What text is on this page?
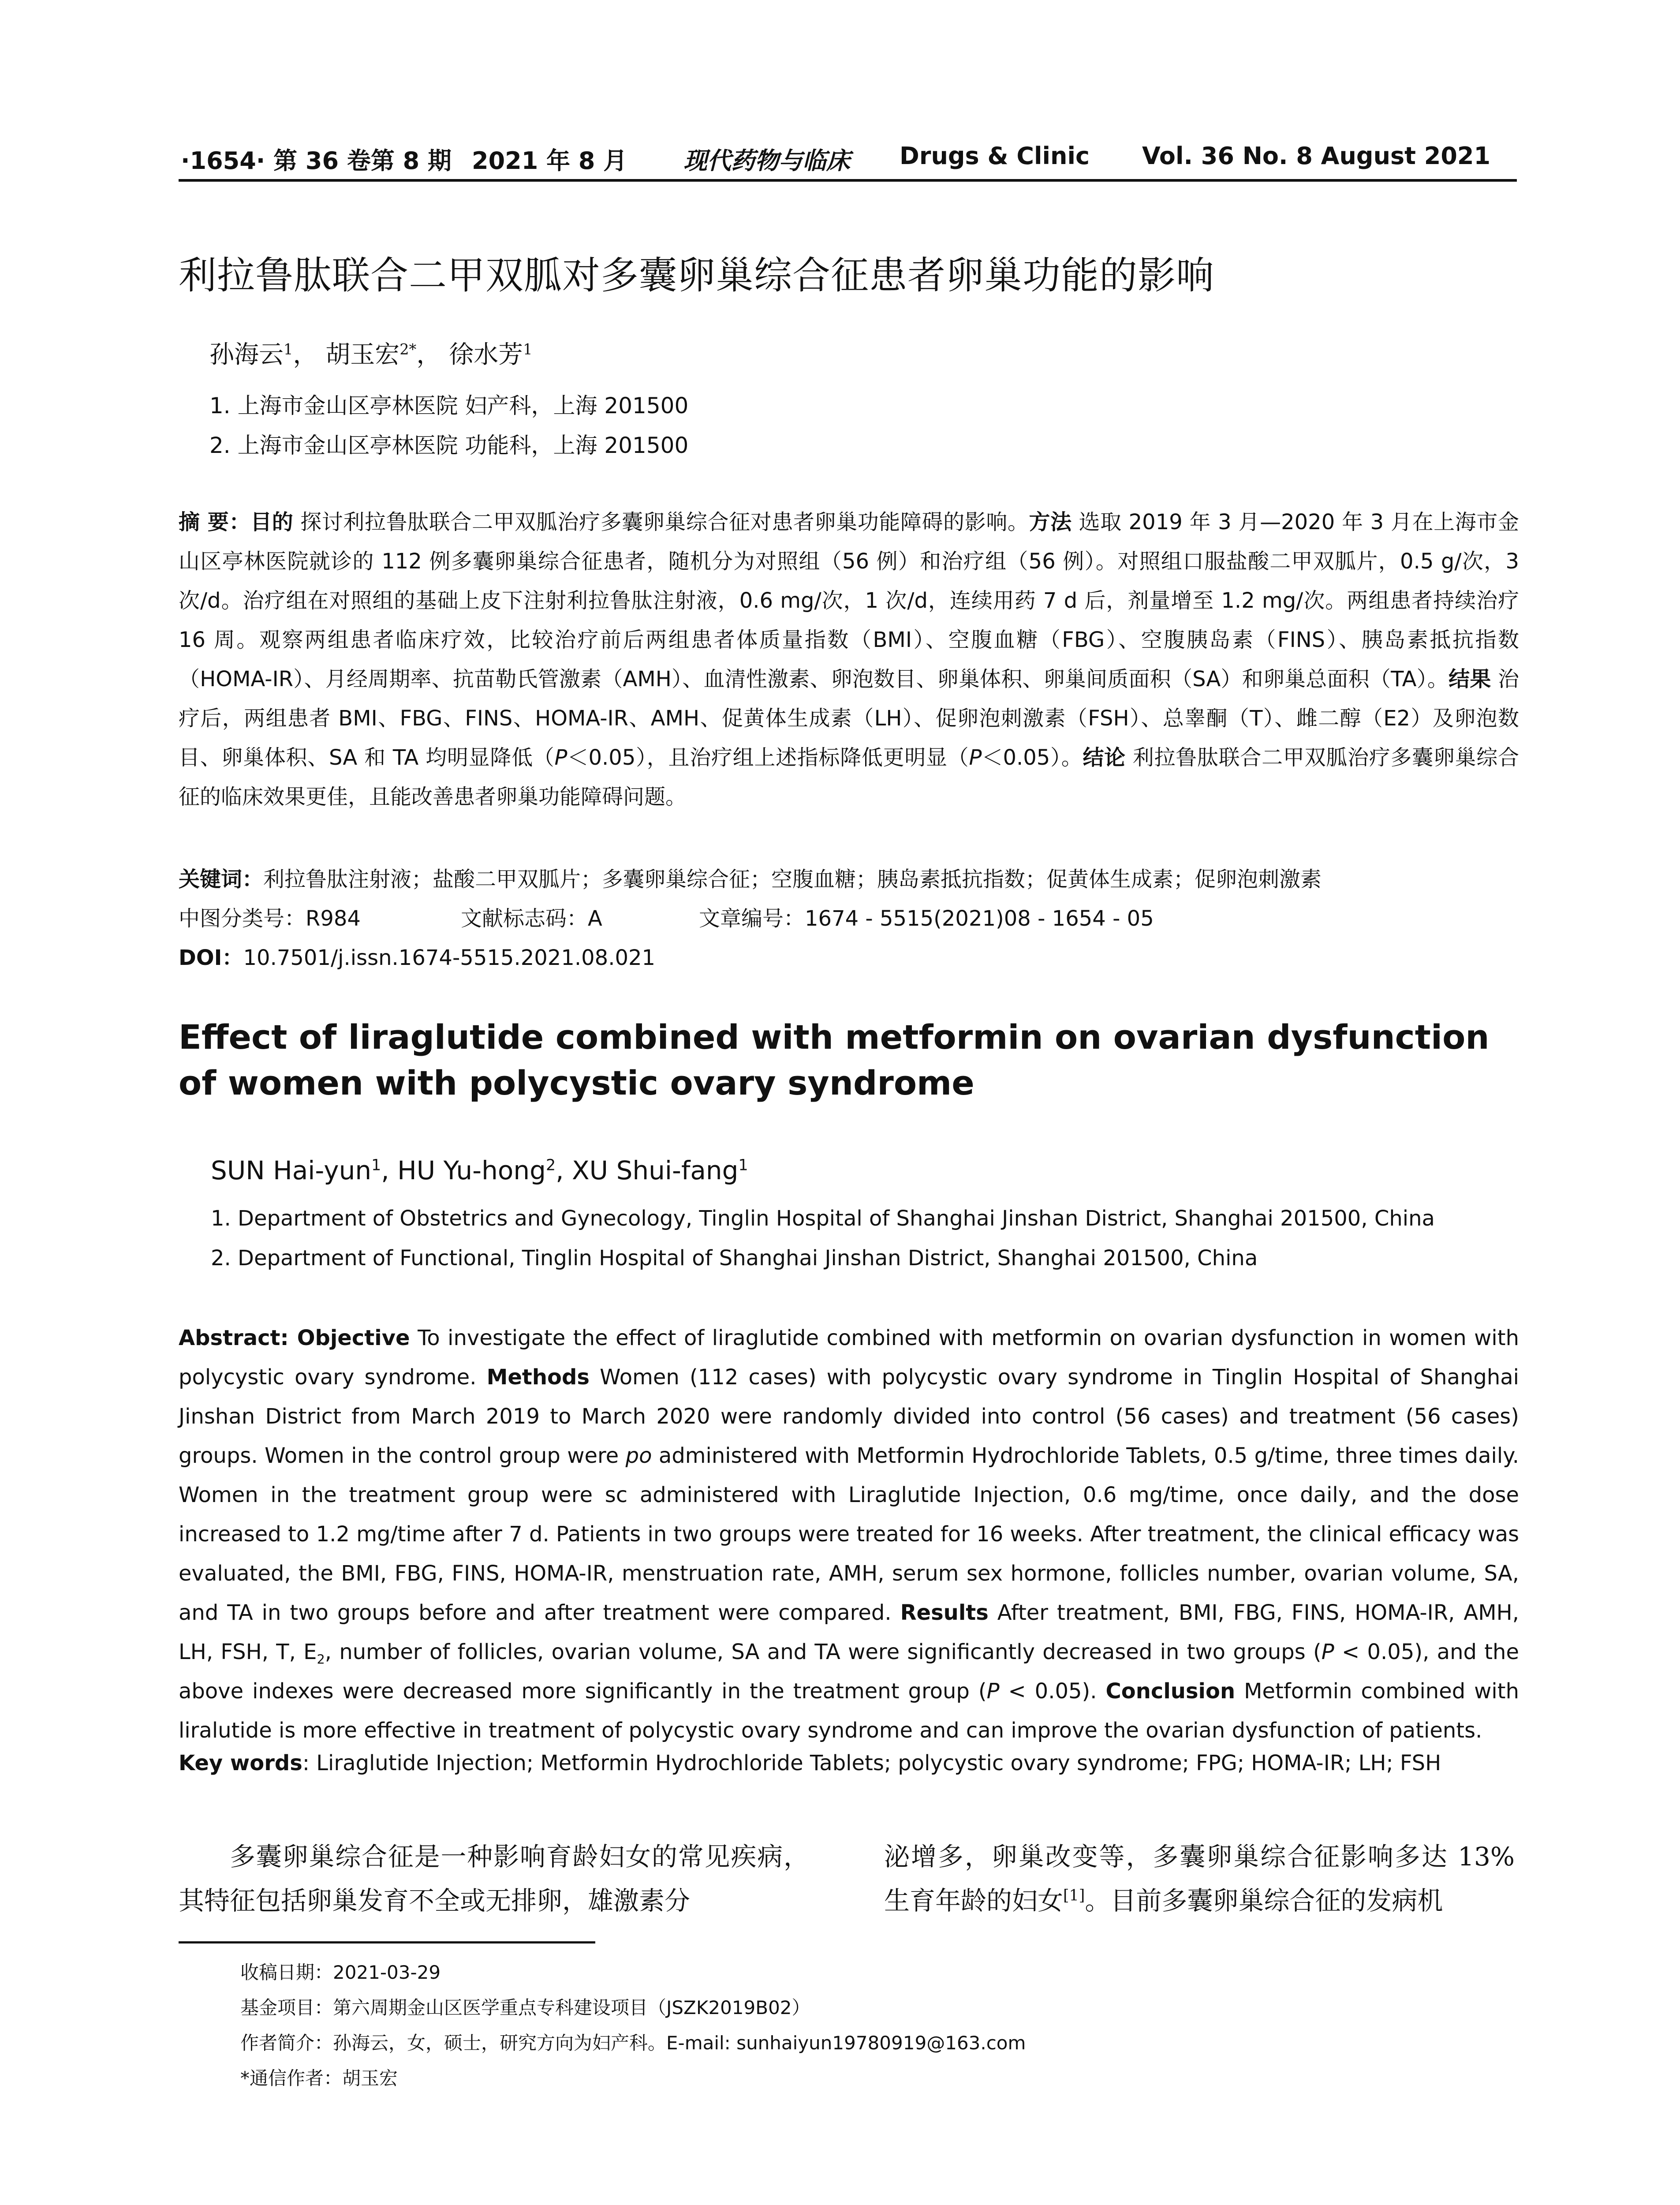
·1654· 第 36 卷第 8 期 2021 年 8 月 现代药物与临床 Drugs & Clinic Vol. 36 No. 8 August 2021
利拉鲁肽联合二甲双胍对多囊卵巢综合征患者卵巢功能的影响
孙海云$^1$， 胡玉宏$^{2*}$， 徐水芳$^1$
1. 上海市金山区亭林医院 妇产科，上海 201500
2. 上海市金山区亭林医院 功能科，上海 201500

摘 要：目的 探讨利拉鲁肽联合二甲双胍治疗多囊卵巢综合征对患者卵巢功能障碍的影响。方法 选取 2019 年 3 月—2020 年 3 月在上海市金山区亭林医院就诊的 112 例多囊卵巢综合征患者，随机分为对照组（56 例）和治疗组（56 例）。对照组口服盐酸二甲双胍片，0.5 g/次，3 次/d。治疗组在对照组的基础上皮下注射利拉鲁肽注射液，0.6 mg/次，1 次/d，连续用药 7 d 后，剂量增至 1.2 mg/次。两组患者持续治疗 16 周。观察两组患者临床疗效，比较治疗前后两组患者体质量指数（BMI）、空腹血糖（FBG）、空腹胰岛素（FINS）、胰岛素抵抗指数（HOMA-IR）、月经周期率、抗苗勒氏管激素（AMH）、血清性激素、卵泡数目、卵巢体积、卵巢间质面积（SA）和卵巢总面积（TA）。结果 治疗后，两组患者 BMI、FBG、FINS、HOMA-IR、AMH、促黄体生成素（LH）、促卵泡刺激素（FSH）、总睾酮（T）、雌二醇（E2）及卵泡数目、卵巢体积、SA 和 TA 均明显降低（P＜0.05），且治疗组上述指标降低更明显（P＜0.05）。结论 利拉鲁肽联合二甲双胍治疗多囊卵巢综合征的临床效果更佳，且能改善患者卵巢功能障碍问题。

关键词：利拉鲁肽注射液；盐酸二甲双胍片；多囊卵巢综合征；空腹血糖；胰岛素抵抗指数；促黄体生成素；促卵泡刺激素
中图分类号：R984	文献标志码：A	文章编号：1674 - 5515(2021)08 - 1654 - 05
DOI：10.7501/j.issn.1674-5515.2021.08.021
Effect of liraglutide combined with metformin on ovarian dysfunction of women with polycystic ovary syndrome
SUN Hai-yun$^1$, HU Yu-hong$^2$, XU Shui-fang$^1$
1. Department of Obstetrics and Gynecology, Tinglin Hospital of Shanghai Jinshan District, Shanghai 201500, China
2. Department of Functional, Tinglin Hospital of Shanghai Jinshan District, Shanghai 201500, China
Abstract: Objective To investigate the effect of liraglutide combined with metformin on ovarian dysfunction in women with polycystic ovary syndrome. Methods Women (112 cases) with polycystic ovary syndrome in Tinglin Hospital of Shanghai Jinshan District from March 2019 to March 2020 were randomly divided into control (56 cases) and treatment (56 cases) groups. Women in the control group were po administered with Metformin Hydrochloride Tablets, 0.5 g/time, three times daily. Women in the treatment group were sc administered with Liraglutide Injection, 0.6 mg/time, once daily, and the dose increased to 1.2 mg/time after 7 d. Patients in two groups were treated for 16 weeks. After treatment, the clinical efficacy was evaluated, the BMI, FBG, FINS, HOMA-IR, menstruation rate, AMH, serum sex hormone, follicles number, ovarian volume, SA, and TA in two groups before and after treatment were compared. Results After treatment, BMI, FBG, FINS, HOMA-IR, AMH, LH, FSH, T, $E_2$, number of follicles, ovarian volume, SA and TA were significantly decreased in two groups (P < 0.05), and the above indexes were decreased more significantly in the treatment group (P < 0.05). Conclusion Metformin combined with liralutide is more effective in treatment of polycystic ovary syndrome and can improve the ovarian dysfunction of patients.
Key words: Liraglutide Injection; Metformin Hydrochloride Tablets; polycystic ovary syndrome; FPG; HOMA-IR; LH; FSH
多囊卵巢综合征是一种影响育龄妇女的常见疾病，其特征包括卵巢发育不全或无排卵，雄激素分
泌增多，卵巢改变等，多囊卵巢综合征影响多达 13% 生育年龄的妇女[1]。目前多囊卵巢综合征的发病机
收稿日期：2021-03-29
基金项目：第六周期金山区医学重点专科建设项目（JSZK2019B02）
作者简介：孙海云，女，硕士，研究方向为妇产科。E-mail: sunhaiyun19780919@163.com
*通信作者：胡玉宏
